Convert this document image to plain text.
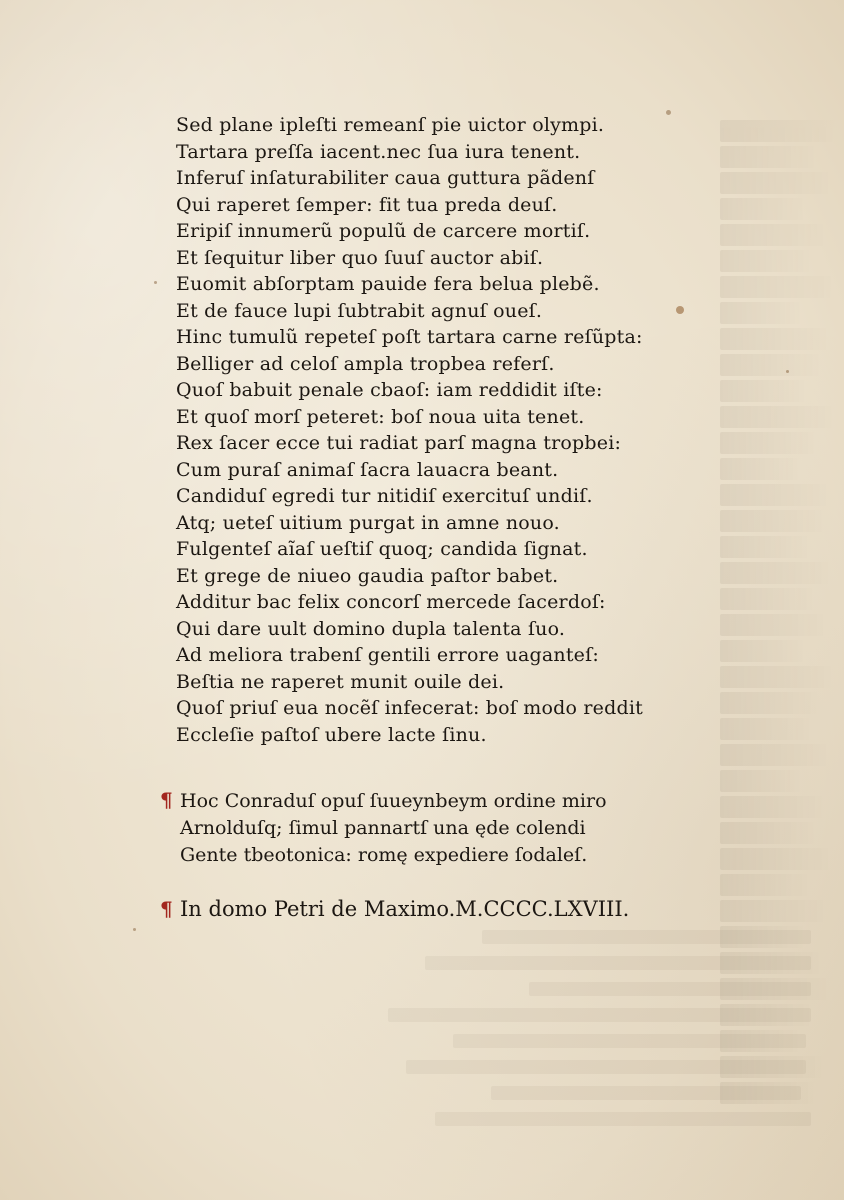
Sed plane ipleſti remeanſ pie uictor olympi.
Tartara preſſa iacent.nec ſua iura tenent.
Inferuſ inſaturabiliter caua guttura pãdenſ
Qui raperet ſemper: fit tua preda deuſ.
Eripiſ innumerũ populũ de carcere mortiſ.
Et ſequitur liber quo ſuuſ auctor abiſ.
Euomit abſorptam pauide fera belua plebẽ.
Et de fauce lupi ſubtrabit agnuſ oueſ.
Hinc tumulũ repeteſ poſt tartara carne reſũpta:
Belliger ad celoſ ampla tropbea referſ.
Quoſ babuit penale cbaoſ: iam reddidit iſte:
Et quoſ morſ peteret: boſ noua uita tenet.
Rex ſacer ecce tui radiat parſ magna tropbei:
Cum puraſ animaſ ſacra lauacra beant.
Candiduſ egredi tur nitidiſ exercituſ undiſ.
Atq; ueteſ uitium purgat in amne nouo.
Fulgenteſ aĩaſ ueſtiſ quoq; candida ſignat.
Et grege de niueo gaudia paſtor babet.
Additur bac felix concorſ mercede ſacerdoſ:
Qui dare uult domino dupla talenta ſuo.
Ad meliora trabenſ gentili errore uaganteſ:
Beſtia ne raperet munit ouile dei.
Quoſ priuſ eua nocẽſ infecerat: boſ modo reddit
Eccleſie paſtoſ ubere lacte ſinu.
¶ Hoc Conraduſ opuſ ſuueynbeym ordine miro
Arnolduſq; ſimul pannartſ una ęde colendi
Gente tbeotonica: romę expediere ſodaleſ.
¶ In domo Petri de Maximo.M.CCCC.LXVIII.
